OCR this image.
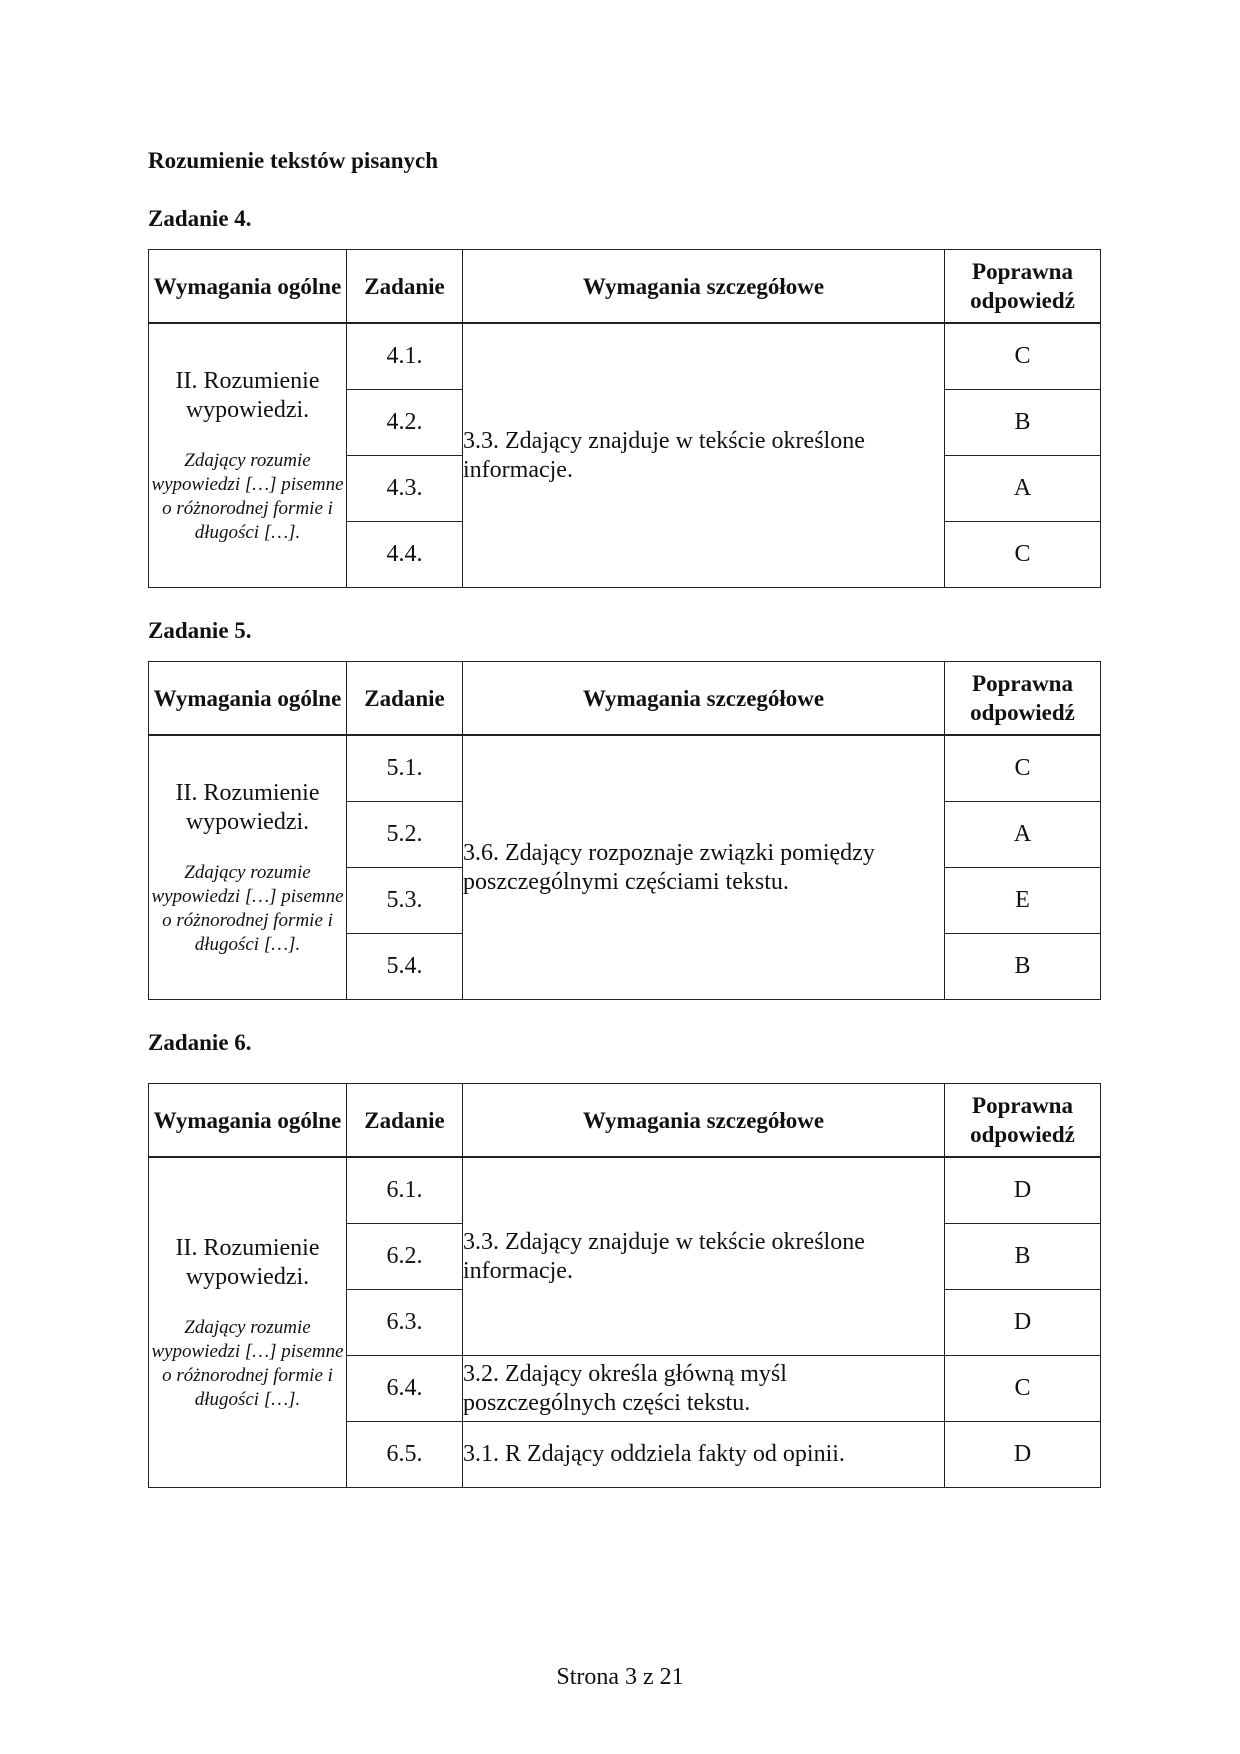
Rozumienie tekstów pisanych
Zadanie 4.
Wymagania ogólne	Zadanie	Wymagania szczegółowe	Poprawna odpowiedź

II. Rozumienie wypowiedzi.
Zdający rozumie wypowiedzi […] pisemne o różnorodnej formie i długości […].	4.1.	3.3. Zdający znajduje w tekście określone informacje.	C
	4.2.		B
	4.3.		A
	4.4.		C
Zadanie 5.
Wymagania ogólne	Zadanie	Wymagania szczegółowe	Poprawna odpowiedź

II. Rozumienie wypowiedzi.
Zdający rozumie wypowiedzi […] pisemne o różnorodnej formie i długości […].	5.1.	3.6. Zdający rozpoznaje związki pomiędzy poszczególnymi częściami tekstu.	C
	5.2.		A
	5.3.		E
	5.4.		B
Zadanie 6.
Wymagania ogólne	Zadanie	Wymagania szczegółowe	Poprawna odpowiedź

II. Rozumienie wypowiedzi.
Zdający rozumie wypowiedzi […] pisemne o różnorodnej formie i długości […].	6.1.	3.3. Zdający znajduje w tekście określone informacje.	D
	6.2.		B
	6.3.		D
	6.4.	3.2. Zdający określa główną myśl poszczególnych części tekstu.	C
	6.5.	3.1. R Zdający oddziela fakty od opinii.	D
Strona 3 z 21
